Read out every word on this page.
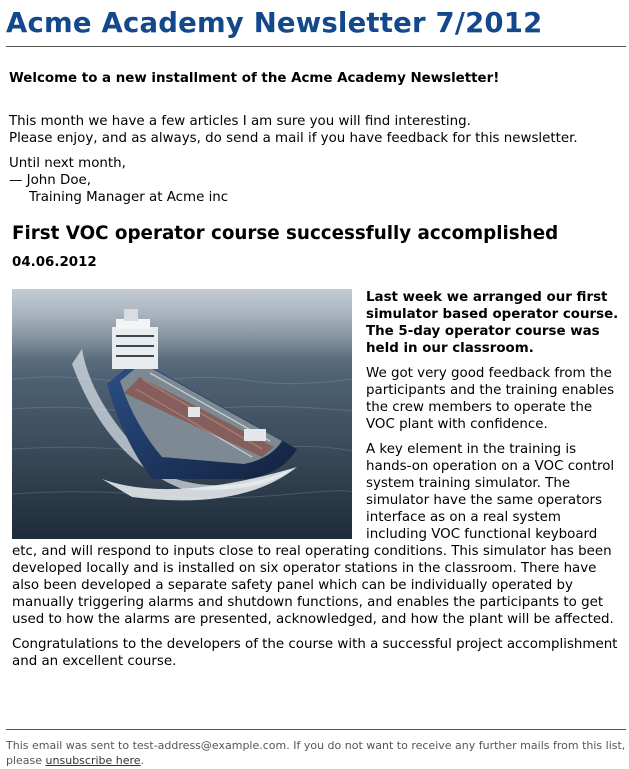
Acme Academy Newsletter 7/2012
Welcome to a new installment of the Acme Academy Newsletter!
This month we have a few articles I am sure you will find interesting.
Please enjoy, and as always, do send a mail if you have feedback for this newsletter.
Until next month,
— John Doe,
Training Manager at Acme inc
First VOC operator course successfully accomplished
04.06.2012

Last week we arranged our first simulator based operator course. The 5-day operator course was held in our classroom.

We got very good feedback from the participants and the training enables the crew members to operate the VOC plant with confidence.

A key element in the training is hands-on operation on a VOC control system training simulator. The simulator have the same operators interface as on a real system including VOC functional keyboard etc, and will respond to inputs close to real operating conditions. This simulator has been developed locally and is installed on six operator stations in the classroom. There have also been developed a separate safety panel which can be individually operated by manually triggering alarms and shutdown functions, and enables the participants to get used to how the alarms are presented, acknowledged, and how the plant will be affected.

Congratulations to the developers of the course with a successful project accomplishment and an excellent course.

This email was sent to test-address@example.com. If you do not want to receive any further mails from this list, please unsubscribe here.
